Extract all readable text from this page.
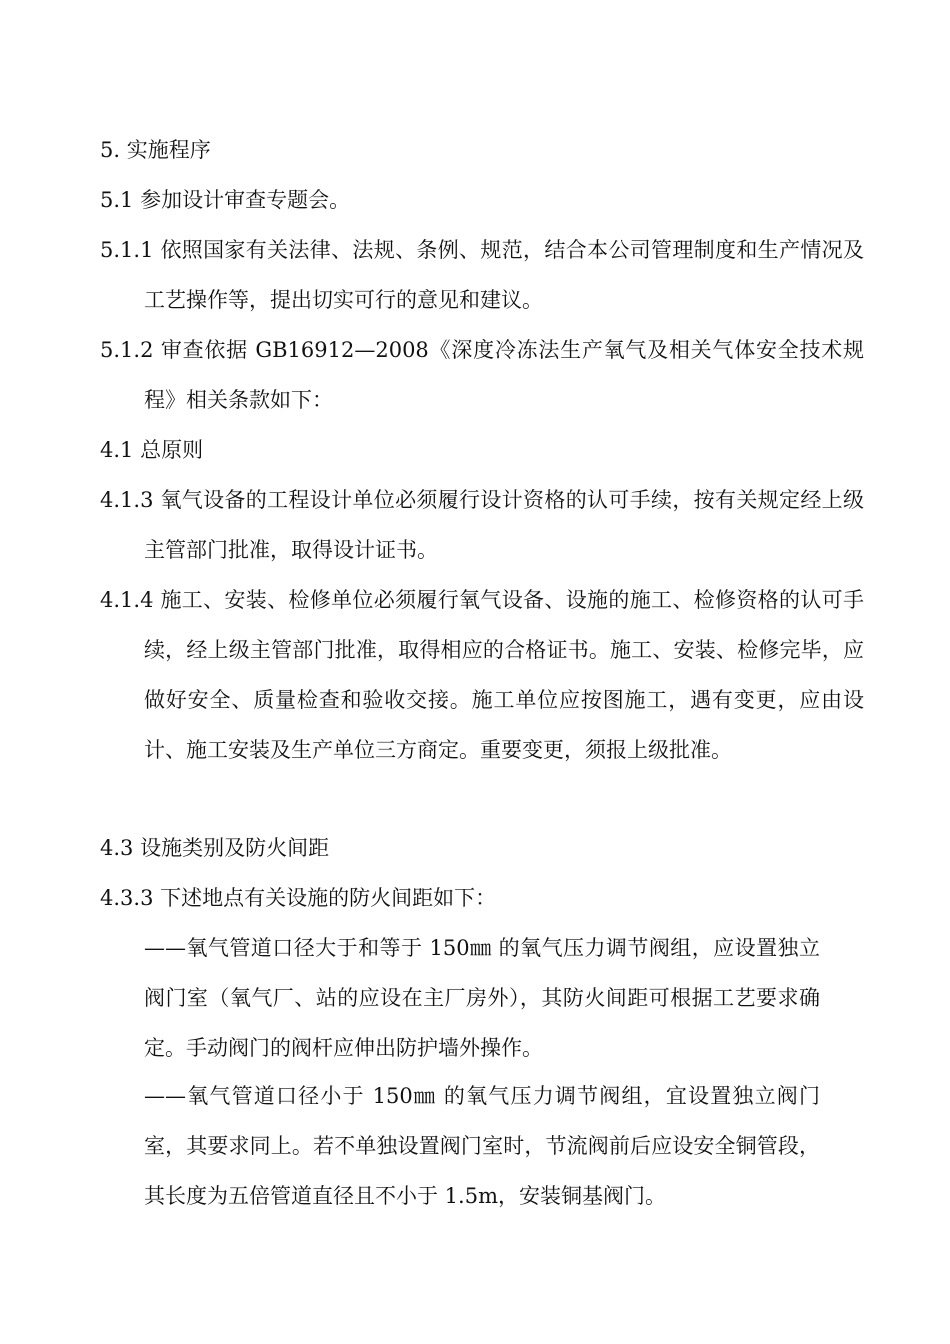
5. 实施程序
5.1 参加设计审查专题会。
5.1.1 依照国家有关法律、法规、条例、规范，结合本公司管理制度和生产情况及工艺操作等，提出切实可行的意见和建议。
5.1.2 审查依据 GB16912—2008《深度冷冻法生产氧气及相关气体安全技术规程》相关条款如下：
4.1 总原则
4.1.3 氧气设备的工程设计单位必须履行设计资格的认可手续，按有关规定经上级主管部门批准，取得设计证书。
4.1.4 施工、安装、检修单位必须履行氧气设备、设施的施工、检修资格的认可手续，经上级主管部门批准，取得相应的合格证书。施工、安装、检修完毕，应做好安全、质量检查和验收交接。施工单位应按图施工，遇有变更，应由设计、施工安装及生产单位三方商定。重要变更，须报上级批准。
4.3 设施类别及防火间距
4.3.3 下述地点有关设施的防火间距如下：
——氧气管道口径大于和等于 150㎜ 的氧气压力调节阀组，应设置独立阀门室（氧气厂、站的应设在主厂房外），其防火间距可根据工艺要求确定。手动阀门的阀杆应伸出防护墙外操作。
——氧气管道口径小于 150㎜ 的氧气压力调节阀组，宜设置独立阀门室，其要求同上。若不单独设置阀门室时，节流阀前后应设安全铜管段，其长度为五倍管道直径且不小于 1.5m，安装铜基阀门。
